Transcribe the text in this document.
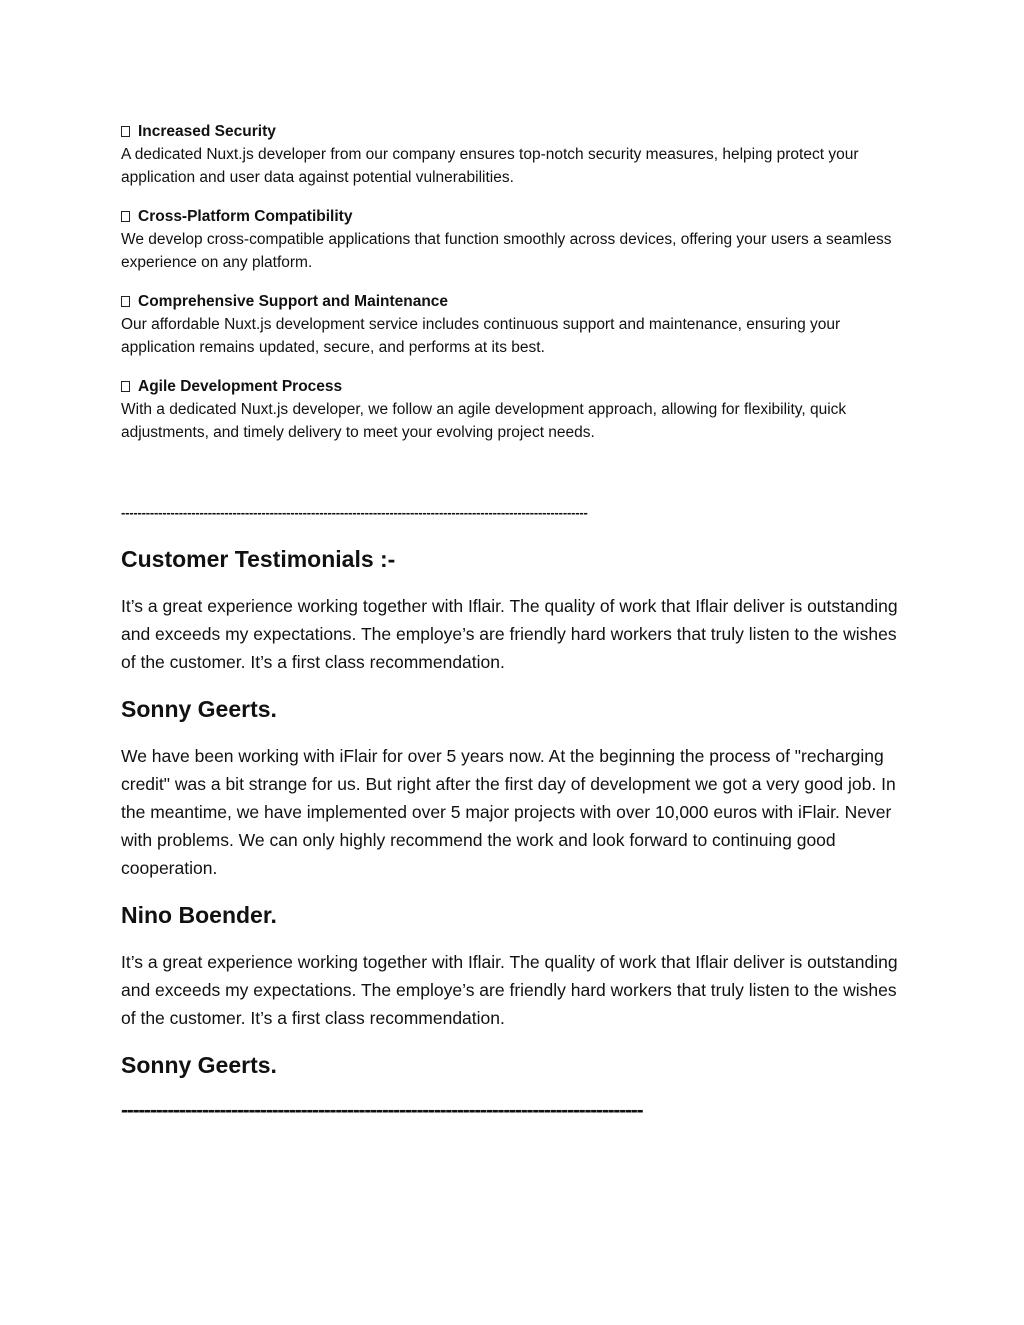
Increased Security
A dedicated Nuxt.js developer from our company ensures top-notch security measures, helping protect your application and user data against potential vulnerabilities.
Cross-Platform Compatibility
We develop cross-compatible applications that function smoothly across devices, offering your users a seamless experience on any platform.
Comprehensive Support and Maintenance
Our affordable Nuxt.js development service includes continuous support and maintenance, ensuring your application remains updated, secure, and performs at its best.
Agile Development Process
With a dedicated Nuxt.js developer, we follow an agile development approach, allowing for flexibility, quick adjustments, and timely delivery to meet your evolving project needs.
-----------------------------------------------------------------------------------------------------------------
Customer Testimonials :-

It’s a great experience working together with Iflair. The quality of work that Iflair deliver is outstanding and exceeds my expectations. The employe’s are friendly hard workers that truly listen to the wishes of the customer. It’s a first class recommendation.

Sonny Geerts.

We have been working with iFlair for over 5 years now. At the beginning the process of "recharging credit" was a bit strange for us. But right after the first day of development we got a very good job. In the meantime, we have implemented over 5 major projects with over 10,000 euros with iFlair. Never with problems. We can only highly recommend the work and look forward to continuing good cooperation.

Nino Boender.

It’s a great experience working together with Iflair. The quality of work that Iflair deliver is outstanding and exceeds my expectations. The employe’s are friendly hard workers that truly listen to the wishes of the customer. It’s a first class recommendation.

Sonny Geerts.
------------------------------------------------------------------------------------------
